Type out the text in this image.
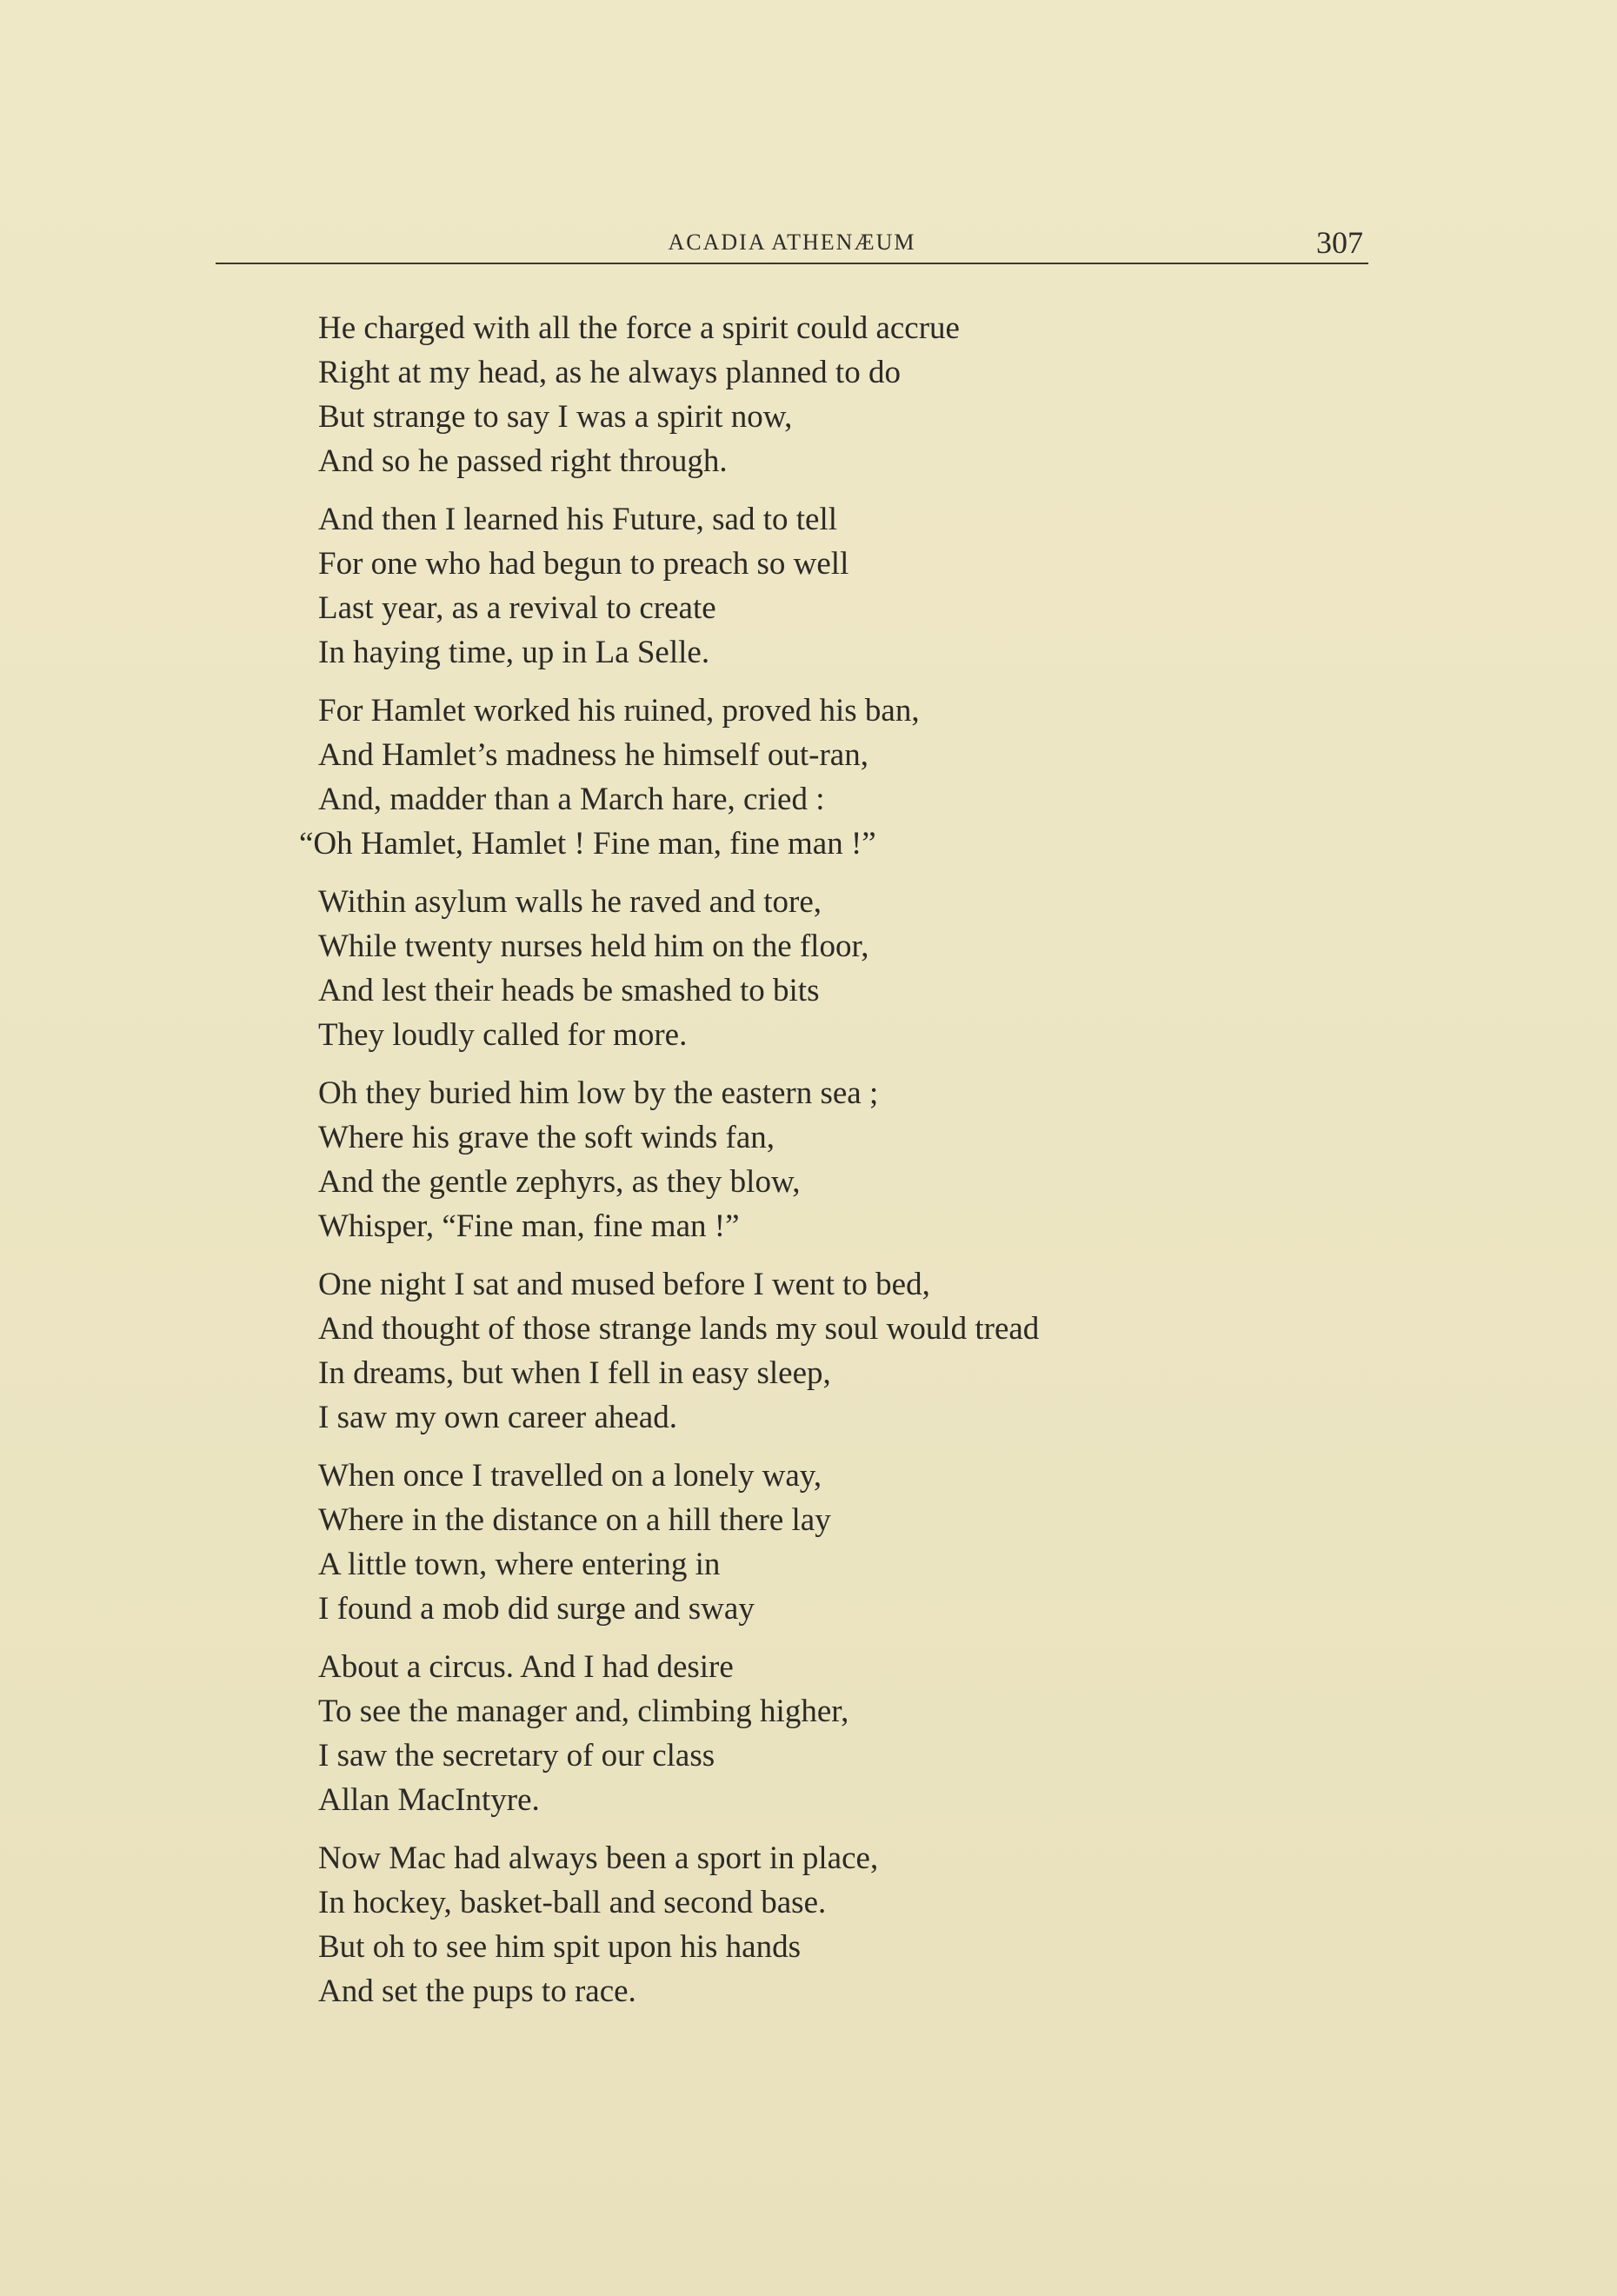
ACADIA ATHENÆUM	307
He charged with all the force a spirit could accrue
Right at my head, as he always planned to do
But strange to say I was a spirit now,
And so he passed right through.
And then I learned his Future, sad to tell
For one who had begun to preach so well
Last year, as a revival to create
In haying time, up in La Selle.
For Hamlet worked his ruined, proved his ban,
And Hamlet’s madness he himself out-ran,
And, madder than a March hare, cried :
“Oh Hamlet, Hamlet ! Fine man, fine man !”
Within asylum walls he raved and tore,
While twenty nurses held him on the floor,
And lest their heads be smashed to bits
They loudly called for more.
Oh they buried him low by the eastern sea ;
Where his grave the soft winds fan,
And the gentle zephyrs, as they blow,
Whisper, “Fine man, fine man !”
One night I sat and mused before I went to bed,
And thought of those strange lands my soul would tread
In dreams, but when I fell in easy sleep,
I saw my own career ahead.
When once I travelled on a lonely way,
Where in the distance on a hill there lay
A little town, where entering in
I found a mob did surge and sway
About a circus. And I had desire
To see the manager and, climbing higher,
I saw the secretary of our class
Allan MacIntyre.
Now Mac had always been a sport in place,
In hockey, basket-ball and second base.
But oh to see him spit upon his hands
And set the pups to race.
